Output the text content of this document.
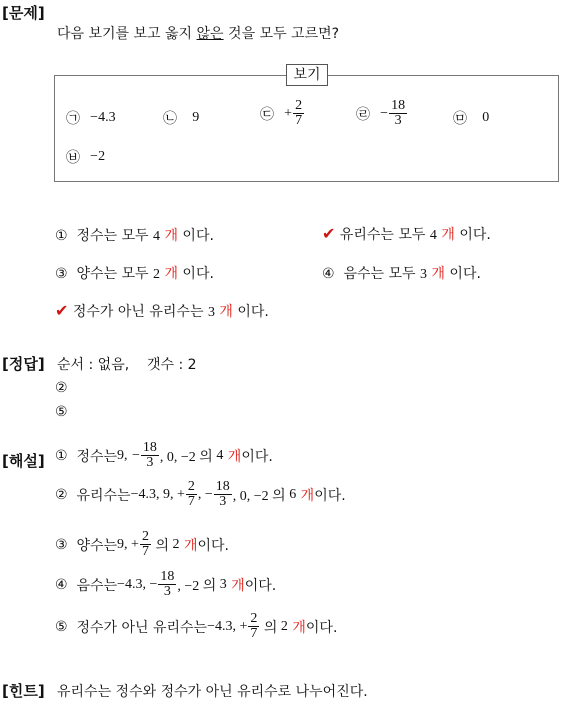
[문제]
다음 보기를 보고 옳지 않은 것을 모두 고르면?
보기
㉠
− 4.3	㉡
9	㉢
+ $\frac{2}{7}$	㉣
− $\frac{18}{3}$	㉤
0
㉥
− 2
① 정수는 모두 4 개 이다.	✔ 유리수는 모두 4 개 이다.
③ 양수는 모두 2 개 이다.	④ 음수는 모두 3 개 이다.
✔ 정수가 아닌 유리수는 3 개 이다.
[정답] 순서 : 없음,    갯수 : 2
②
⑤
[해설] ①
정수는 9,
− $\frac{18}{3}$ , 0, −2 의 4
개 이다.
②
유리수는 −4.3, 9, + $\frac{2}{7}$ , − $\frac{18}{3}$ , 0, −2 의 6
개 이다.
③
양수는 9, + $\frac{2}{7}$ 의 2
개 이다.
④
음수는 −4.3, − $\frac{18}{3}$ , −2 의 3
개 이다.
⑤
정수가 아닌 유리수는 −4.3, + $\frac{2}{7}$ 의 2
개 이다.
[힌트] 유리수는 정수와 정수가 아닌 유리수로 나누어진다.
